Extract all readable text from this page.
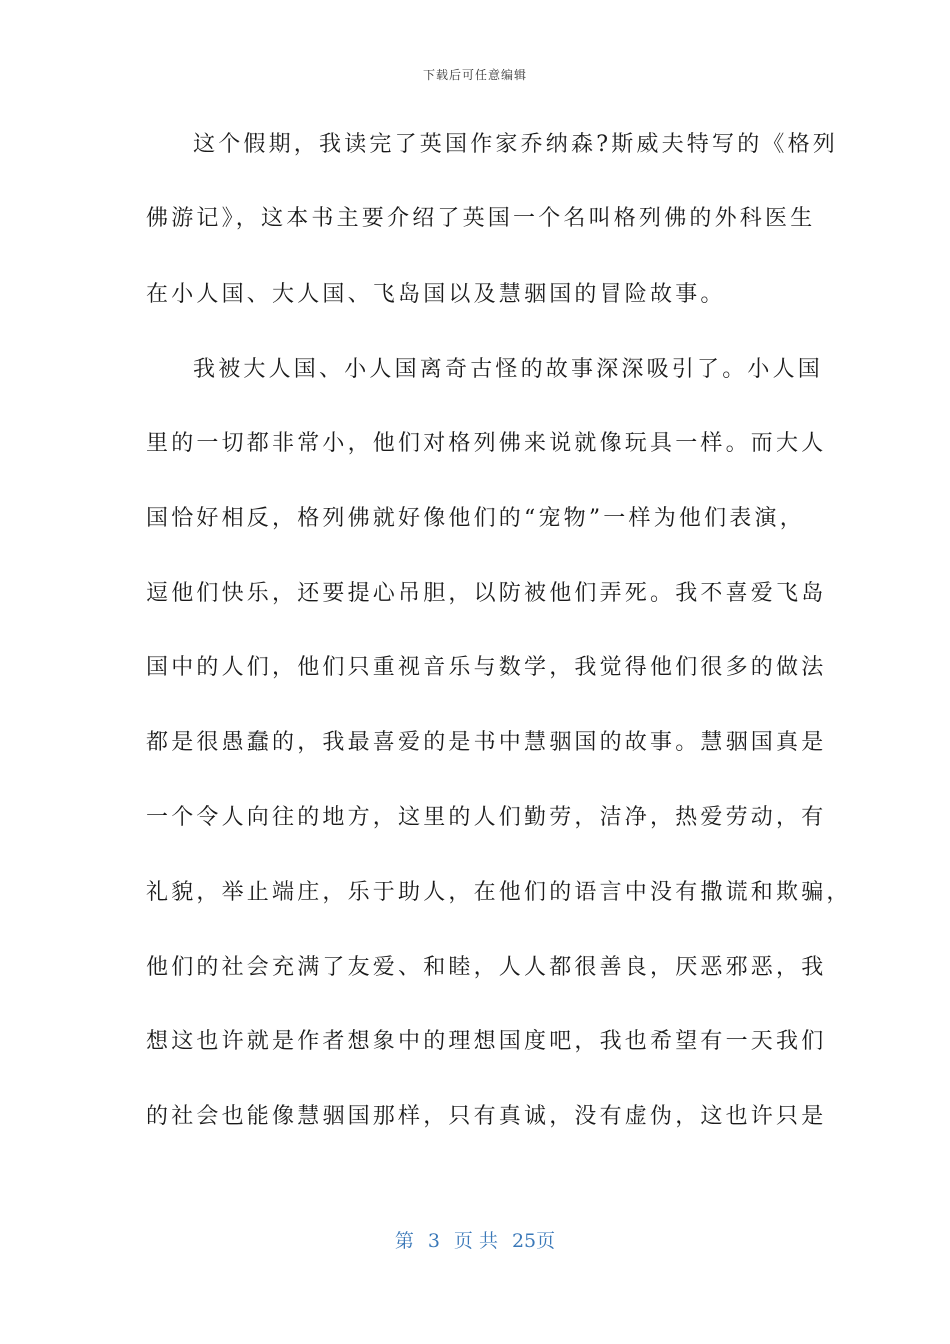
下载后可任意编辑
这个假期，我读完了英国作家乔纳森?斯威夫特写的《格列
佛游记》，这本书主要介绍了英国一个名叫格列佛的外科医生
在小人国、大人国、飞岛国以及慧骃国的冒险故事。
我被大人国、小人国离奇古怪的故事深深吸引了。小人国
里的一切都非常小，他们对格列佛来说就像玩具一样。而大人
国恰好相反，格列佛就好像他们的“宠物”一样为他们表演，
逗他们快乐，还要提心吊胆，以防被他们弄死。我不喜爱飞岛
国中的人们，他们只重视音乐与数学，我觉得他们很多的做法
都是很愚蠢的，我最喜爱的是书中慧骃国的故事。慧骃国真是
一个令人向往的地方，这里的人们勤劳，洁净，热爱劳动，有
礼貌，举止端庄，乐于助人，在他们的语言中没有撒谎和欺骗，
他们的社会充满了友爱、和睦，人人都很善良，厌恶邪恶，我
想这也许就是作者想象中的理想国度吧，我也希望有一天我们
的社会也能像慧骃国那样，只有真诚，没有虚伪，这也许只是
第 3 页 共 25页
